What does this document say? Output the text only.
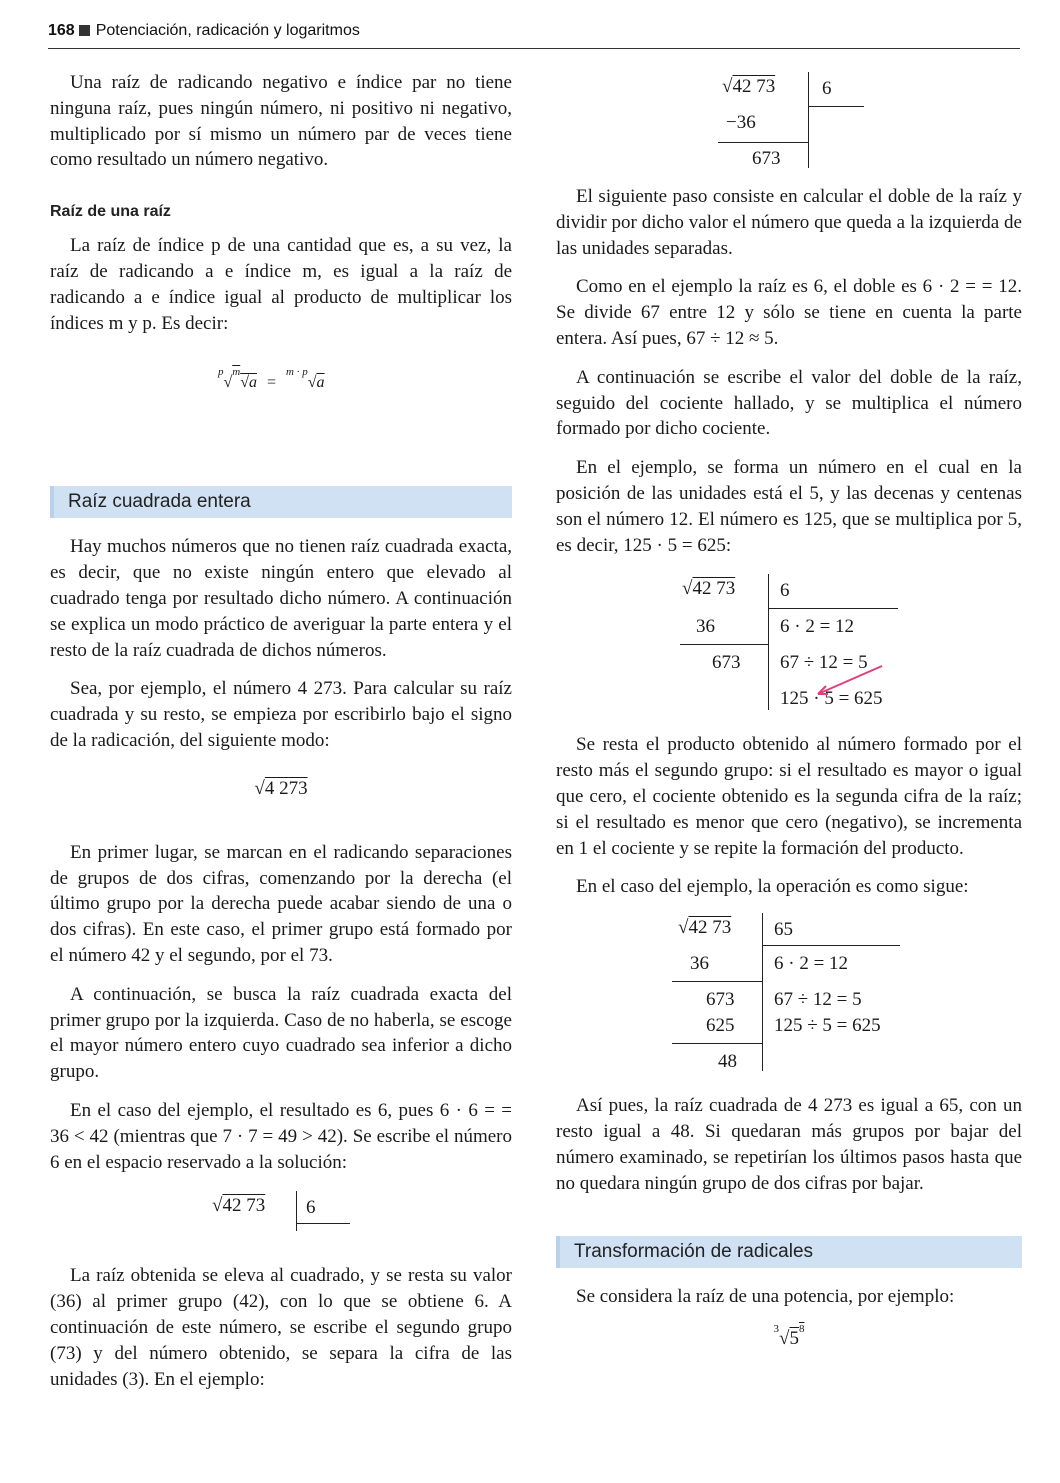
168 Potenciación, radicación y logaritmos

Una raíz de radicando negativo e índice par no tiene ninguna raíz, pues ningún número, ni positivo ni negativo, multiplicado por sí mismo un número par de veces tiene como resultado un número negativo.

Raíz de una raíz

La raíz de índice p de una cantidad que es, a su vez, la raíz de radicando a e índice m, es igual a la raíz de radicando a e índice igual al producto de multiplicar los índices m y p. Es decir:

$^p$√$^m$√a = $^{m \cdot p}$√a
Raíz cuadrada entera

Hay muchos números que no tienen raíz cuadrada exacta, es decir, que no existe ningún entero que elevado al cuadrado tenga por resultado dicho número. A continuación se explica un modo práctico de averiguar la parte entera y el resto de la raíz cuadrada de dichos números.

Sea, por ejemplo, el número 4 273. Para calcular su raíz cuadrada y su resto, se empieza por escribirlo bajo el signo de la radicación, del siguiente modo:

√4 273

En primer lugar, se marcan en el radicando separaciones de grupos de dos cifras, comenzando por la derecha (el último grupo por la derecha puede acabar siendo de una o dos cifras). En este caso, el primer grupo está formado por el número 42 y el segundo, por el 73.

A continuación, se busca la raíz cuadrada exacta del primer grupo por la izquierda. Caso de no haberla, se escoge el mayor número entero cuyo cuadrado sea inferior a dicho grupo.

En el caso del ejemplo, el resultado es 6, pues 6 · 6 = = 36 < 42 (mientras que 7 · 7 = 49 > 42). Se escribe el número 6 en el espacio reservado a la solución:

√ 42 73 6

La raíz obtenida se eleva al cuadrado, y se resta su valor (36) al primer grupo (42), con lo que se obtiene 6. A continuación de este número, se escribe el segundo grupo (73) y del número obtenido, se separa la cifra de las unidades (3). En el ejemplo:

√ 42 73 6
−36
673

El siguiente paso consiste en calcular el doble de la raíz y dividir por dicho valor el número que queda a la izquierda de las unidades separadas.

Como en el ejemplo la raíz es 6, el doble es 6 · 2 = = 12. Se divide 67 entre 12 y sólo se tiene en cuenta la parte entera. Así pues, 67 ÷ 12 ≈ 5.

A continuación se escribe el valor del doble de la raíz, seguido del cociente hallado, y se multiplica el número formado por dicho cociente.

En el ejemplo, se forma un número en el cual en la posición de las unidades está el 5, y las decenas y centenas son el número 12. El número es 125, que se multiplica por 5, es decir, 125 · 5 = 625:

√ 42 73 6
36	6 · 2 = 12
673 67 ÷ 12 = 5
125 · 5 = 625

Se resta el producto obtenido al número formado por el resto más el segundo grupo: si el resultado es mayor o igual que cero, el cociente obtenido es la segunda cifra de la raíz; si el resultado es menor que cero (negativo), se incrementa en 1 el cociente y se repite la formación del producto.

En el caso del ejemplo, la operación es como sigue:

√ 42 73 65
36	6 · 2 = 12
673 67 ÷ 12 = 5
625 125 ÷ 5 = 625
48

Así pues, la raíz cuadrada de 4 273 es igual a 65, con un resto igual a 48. Si quedaran más grupos por bajar del número examinado, se repetirían los últimos pasos hasta que no quedara ningún grupo de dos cifras por bajar.

Transformación de radicales

Se considera la raíz de una potencia, por ejemplo:

$^3√5^8$
